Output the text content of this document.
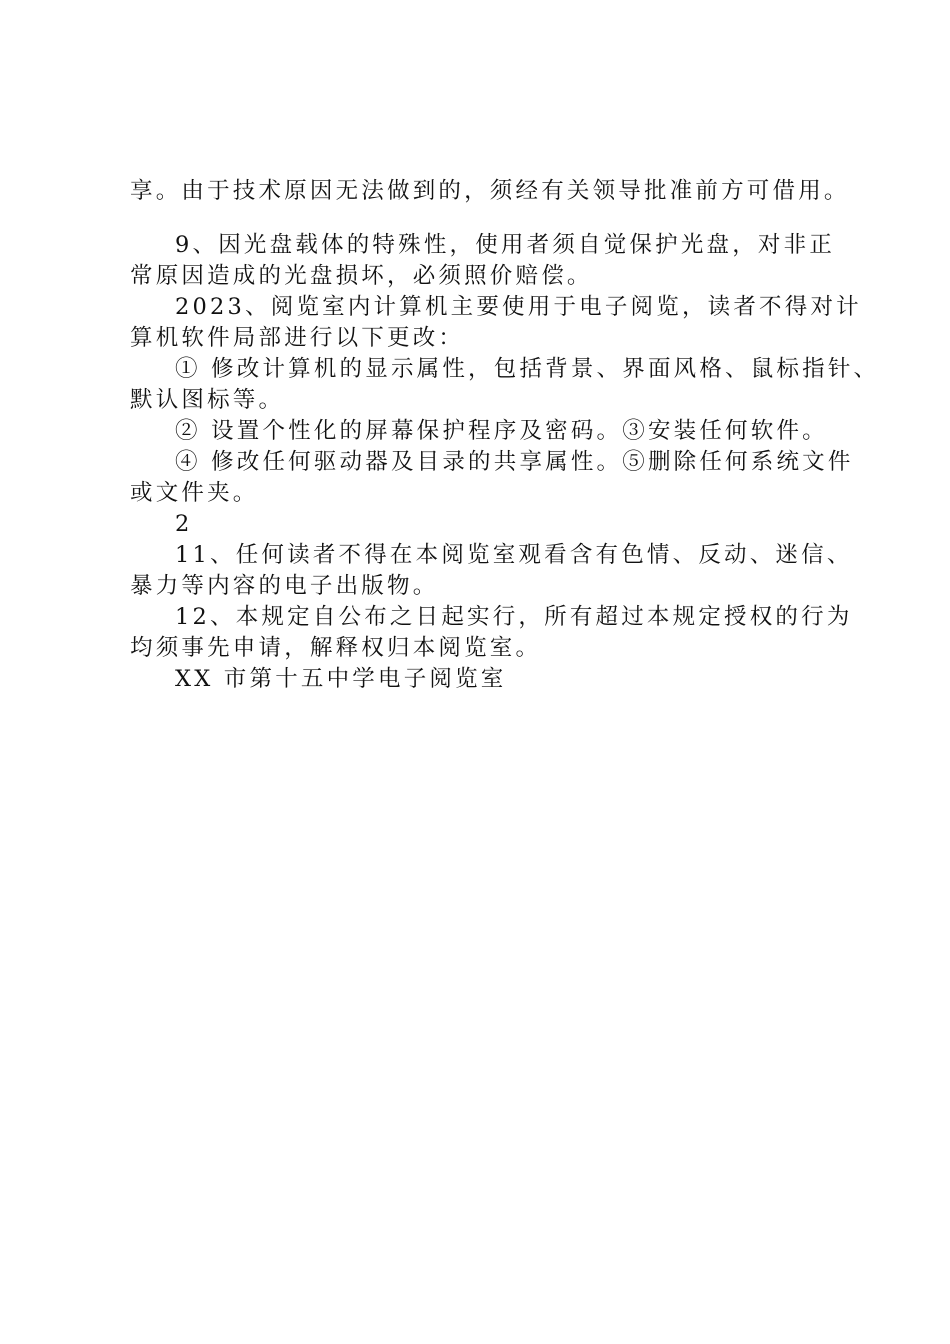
享。由于技术原因无法做到的，须经有关领导批准前方可借用。
9、因光盘载体的特殊性，使用者须自觉保护光盘，对非正
常原因造成的光盘损坏，必须照价赔偿。
2023、阅览室内计算机主要使用于电子阅览，读者不得对计
算机软件局部进行以下更改：
① 修改计算机的显示属性，包括背景、界面风格、鼠标指针、
默认图标等。
② 设置个性化的屏幕保护程序及密码。③安装任何软件。
④ 修改任何驱动器及目录的共享属性。⑤删除任何系统文件
或文件夹。
2
11、任何读者不得在本阅览室观看含有色情、反动、迷信、
暴力等内容的电子出版物。
12、本规定自公布之日起实行，所有超过本规定授权的行为
均须事先申请，解释权归本阅览室。
XX 市第十五中学电子阅览室
